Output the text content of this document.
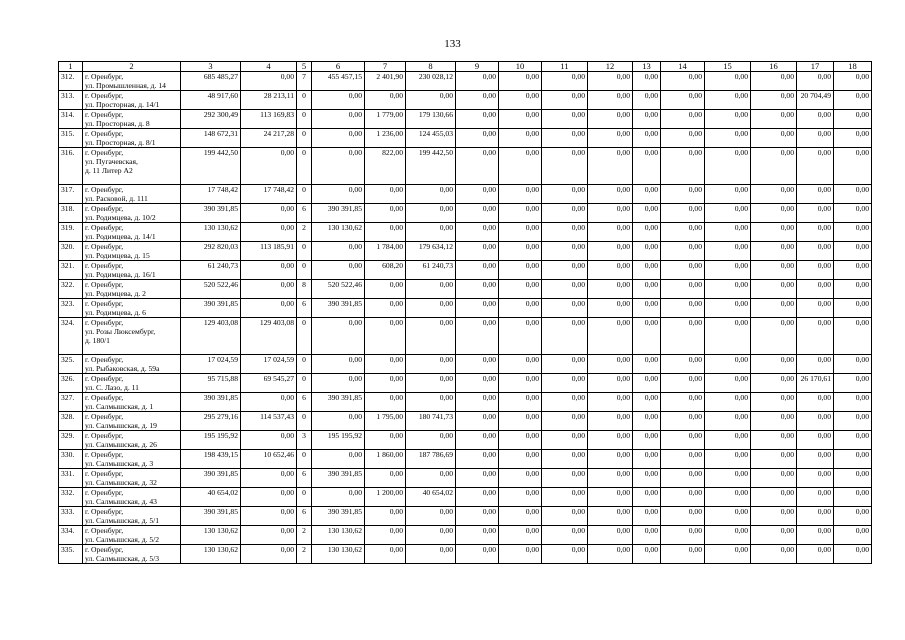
133
1	2	3	4	5	6	7	8	9	10	11	12	13	14	15	16	17	18
312.	г. Оренбург,
ул. Промышленная, д. 14	685 485,27	0,00	7	455 457,15	2 401,90	230 028,12	0,00	0,00	0,00	0,00	0,00	0,00	0,00	0,00	0,00	0,00
313.	г. Оренбург,
ул. Просторная, д. 14/1	48 917,60	28 213,11	0	0,00	0,00	0,00	0,00	0,00	0,00	0,00	0,00	0,00	0,00	0,00	20 704,49	0,00
314.	г. Оренбург,
ул. Просторная, д. 8	292 300,49	113 169,83	0	0,00	1 779,00	179 130,66	0,00	0,00	0,00	0,00	0,00	0,00	0,00	0,00	0,00	0,00
315.	г. Оренбург,
ул. Просторная, д. 8/1	148 672,31	24 217,28	0	0,00	1 236,00	124 455,03	0,00	0,00	0,00	0,00	0,00	0,00	0,00	0,00	0,00	0,00
316.	г. Оренбург,
ул. Пугачевская,
д. 11 Литер А2	199 442,50	0,00	0	0,00	822,00	199 442,50	0,00	0,00	0,00	0,00	0,00	0,00	0,00	0,00	0,00	0,00
317.	г. Оренбург,
ул. Расковой, д. 111	17 748,42	17 748,42	0	0,00	0,00	0,00	0,00	0,00	0,00	0,00	0,00	0,00	0,00	0,00	0,00	0,00
318.	г. Оренбург,
ул. Родимцева, д. 10/2	390 391,85	0,00	6	390 391,85	0,00	0,00	0,00	0,00	0,00	0,00	0,00	0,00	0,00	0,00	0,00	0,00
319.	г. Оренбург,
ул. Родимцева, д. 14/1	130 130,62	0,00	2	130 130,62	0,00	0,00	0,00	0,00	0,00	0,00	0,00	0,00	0,00	0,00	0,00	0,00
320.	г. Оренбург,
ул. Родимцева, д. 15	292 820,03	113 185,91	0	0,00	1 784,00	179 634,12	0,00	0,00	0,00	0,00	0,00	0,00	0,00	0,00	0,00	0,00
321.	г. Оренбург,
ул. Родимцева, д. 16/1	61 240,73	0,00	0	0,00	608,20	61 240,73	0,00	0,00	0,00	0,00	0,00	0,00	0,00	0,00	0,00	0,00
322.	г. Оренбург,
ул. Родимцева, д. 2	520 522,46	0,00	8	520 522,46	0,00	0,00	0,00	0,00	0,00	0,00	0,00	0,00	0,00	0,00	0,00	0,00
323.	г. Оренбург,
ул. Родимцева, д. 6	390 391,85	0,00	6	390 391,85	0,00	0,00	0,00	0,00	0,00	0,00	0,00	0,00	0,00	0,00	0,00	0,00
324.	г. Оренбург,
ул. Розы Люксембург,
д. 180/1	129 403,08	129 403,08	0	0,00	0,00	0,00	0,00	0,00	0,00	0,00	0,00	0,00	0,00	0,00	0,00	0,00
325.	г. Оренбург,
ул. Рыбаковская, д. 59а	17 024,59	17 024,59	0	0,00	0,00	0,00	0,00	0,00	0,00	0,00	0,00	0,00	0,00	0,00	0,00	0,00
326.	г. Оренбург,
ул. С. Лазо, д. 11	95 715,88	69 545,27	0	0,00	0,00	0,00	0,00	0,00	0,00	0,00	0,00	0,00	0,00	0,00	26 170,61	0,00
327.	г. Оренбург,
ул. Салмышская, д. 1	390 391,85	0,00	6	390 391,85	0,00	0,00	0,00	0,00	0,00	0,00	0,00	0,00	0,00	0,00	0,00	0,00
328.	г. Оренбург,
ул. Салмышская, д. 19	295 279,16	114 537,43	0	0,00	1 795,00	180 741,73	0,00	0,00	0,00	0,00	0,00	0,00	0,00	0,00	0,00	0,00
329.	г. Оренбург,
ул. Салмышская, д. 26	195 195,92	0,00	3	195 195,92	0,00	0,00	0,00	0,00	0,00	0,00	0,00	0,00	0,00	0,00	0,00	0,00
330.	г. Оренбург,
ул. Салмышская, д. 3	198 439,15	10 652,46	0	0,00	1 860,00	187 786,69	0,00	0,00	0,00	0,00	0,00	0,00	0,00	0,00	0,00	0,00
331.	г. Оренбург,
ул. Салмышская, д. 32	390 391,85	0,00	6	390 391,85	0,00	0,00	0,00	0,00	0,00	0,00	0,00	0,00	0,00	0,00	0,00	0,00
332.	г. Оренбург,
ул. Салмышская, д. 43	40 654,02	0,00	0	0,00	1 200,00	40 654,02	0,00	0,00	0,00	0,00	0,00	0,00	0,00	0,00	0,00	0,00
333.	г. Оренбург,
ул. Салмышская, д. 5/1	390 391,85	0,00	6	390 391,85	0,00	0,00	0,00	0,00	0,00	0,00	0,00	0,00	0,00	0,00	0,00	0,00
334.	г. Оренбург,
ул. Салмышская, д. 5/2	130 130,62	0,00	2	130 130,62	0,00	0,00	0,00	0,00	0,00	0,00	0,00	0,00	0,00	0,00	0,00	0,00
335.	г. Оренбург,
ул. Салмышская, д. 5/3	130 130,62	0,00	2	130 130,62	0,00	0,00	0,00	0,00	0,00	0,00	0,00	0,00	0,00	0,00	0,00	0,00
